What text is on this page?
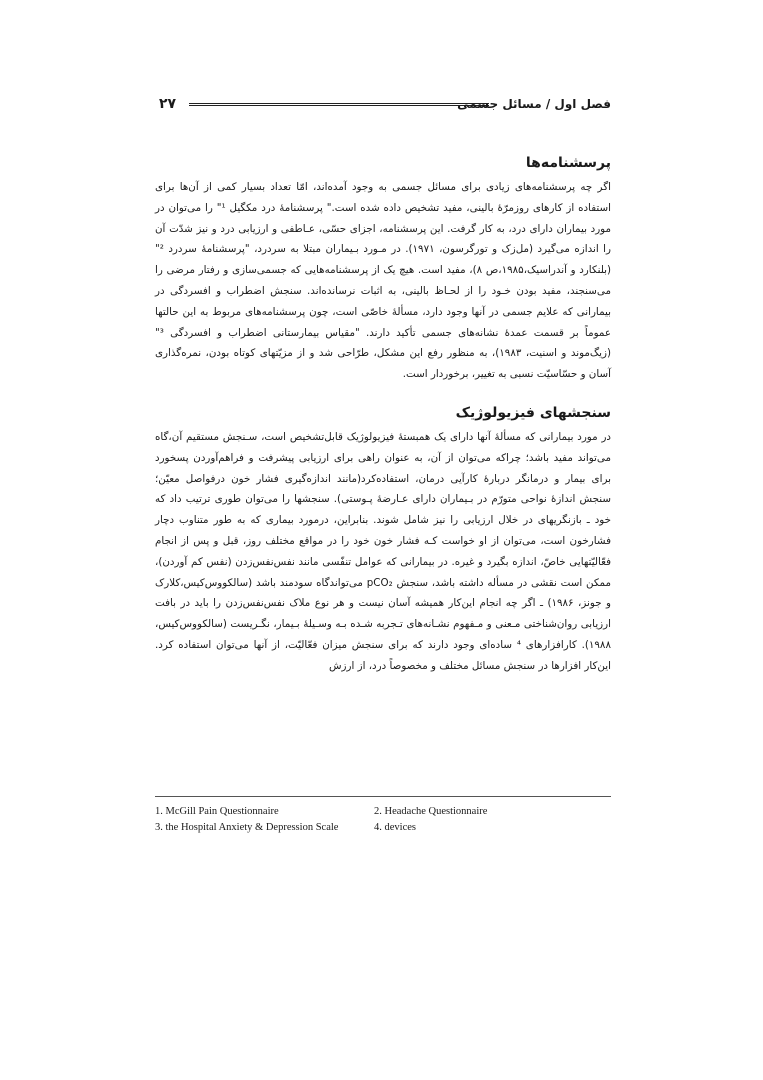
۲۷	فصل اول / مسائل جسمی
پرسشنامه‌ها

اگر چه پرسشنامه‌های زیادی برای مسائل جسمی به وجود آمده‌اند، امّا تعداد بسیار کمی از آن‌ها برای استفاده از کارهای روزمرّهٔ بالینی، مفید تشخیص داده شده است." پرسشنامهٔ درد مکگیل ¹" را می‌توان در مورد بیماران دارای درد، به کار گرفت. این پرسشنامه، اجزای حسّی، عـاطفی و ارزیابی درد و نیز شدّت آن را اندازه می‌گیرد (مل‌زک و تورگرسون، ۱۹۷۱). در مـورد بـیماران مبتلا به سردرد، "پرسشنامهٔ سردرد ²"(بلنکارد و آندراسیک،۱۹۸۵،ص ۸)، مفید است. هیچ یک از پرسشنامه‌هایی که جسمی‌سازی و رفتار مرضی را می‌سنجند، مفید بودن خـود را از لحـاظ بالینی، به اثبات نرسانده‌اند. سنجش اضطراب و افسردگی در بیمارانی که علایم جسمی در آنها وجود دارد، مسألهٔ خاصّی است، چون پرسشنامه‌های مربوط به این حالتها عموماً بر قسمت عمدهٔ نشانه‌های جسمی تأکید دارند. "مقیاس بیمارستانی اضطراب و افسردگی ³" (زیگ‌موند و اسنیت، ۱۹۸۳)، به منظور رفع این مشکل، طرّاحی شد و از مزیّتهای کوتاه بودن، نمره‌گذاری آسان و حسّاسیّت نسبی به تغییر، برخوردار است.

سنجشهای فیزیولوژیک

در مورد بیمارانی که مسألهٔ آنها دارای یک همبستهٔ فیزیولوژیک قابل‌تشخیص است، سـنجش مستقیم آن،گاه می‌تواند مفید باشد؛ چراکه می‌توان از آن، به عنوان راهی برای ارزیابی پیشرفت و فراهم‌آوردن پسخورد برای بیمار و درمانگر دربارهٔ کارآیی درمان، استفاده‌کرد(مانند اندازه‌گیری فشار خون درفواصل معیّن؛ سنجش اندازهٔ نواحی متورّم در بـیماران دارای عـارضهٔ پـوستی). سنجشها را می‌توان طوری ترتیب داد که خود ـ بازنگریهای در خلال ارزیابی را نیز شامل شوند. بنابراین، درمورد بیماری که به طور متناوب دچار فشارخون است، می‌توان از او خواست کـه فشار خون خود را در مواقع مختلف روز، قبل و پس از انجام فعّالیّتهایی خاصّ، اندازه بگیرد و غیره. در بیمارانی که عوامل تنفّسی مانند نفس‌نفس‌زدن (نفس کم آوردن)، ممکن است نقشی در مسأله داشته باشد، سنجش pCO₂ می‌تواندگاه سودمند باشد (سالکووس‌کیس،کلارک و جونز، ۱۹۸۶) ـ اگر چه انجام این‌کار همیشه آسان نیست و هر نوع ملاک نفس‌نفس‌زدن را باید در بافت ارزیابی روان‌شناختی مـعنی و مـفهوم نشـانه‌های تـجربه شـده بـه وسـیلهٔ بـیمار، نگـریست (سالکووس‌کیس، ۱۹۸۸). کارافزارهای ⁴ ساده‌ای وجود دارند که برای سنجش میزان فعّالیّت، از آنها می‌توان استفاده کرد. این‌کار افزارها در سنجش مسائل مختلف و مخصوصاً درد، از ارزش

1. McGill Pain Questionnaire	2. Headache Questionnaire
3. the Hospital Anxiety & Depression Scale	4. devices
